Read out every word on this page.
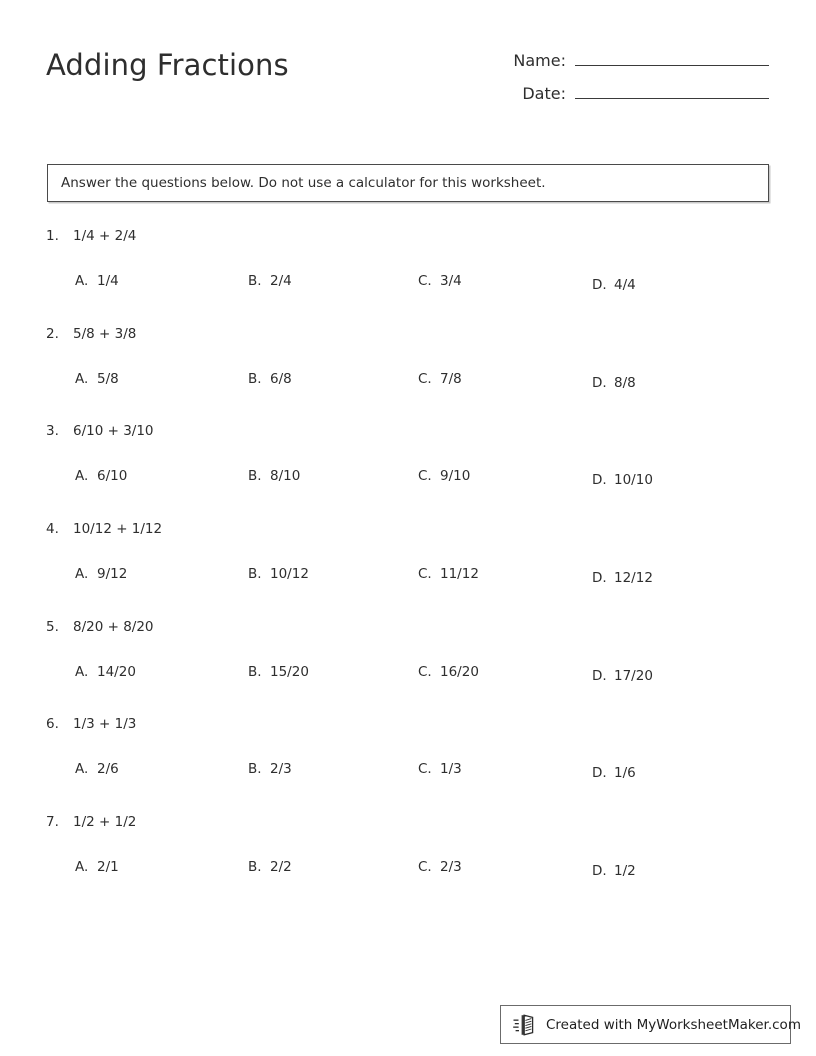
Adding Fractions	Name:
Date:
Answer the questions below. Do not use a calculator for this worksheet.
1.	1/4 + 2/4
A. 1/4	B. 2/4	C. 3/4	D. 4/4
2.	5/8 + 3/8
A. 5/8	B. 6/8	C. 7/8	D. 8/8
3.	6/10 + 3/10
A. 6/10	B. 8/10	C. 9/10	D. 10/10
4.	10/12 + 1/12
A. 9/12	B. 10/12	C. 11/12	D. 12/12
5.	8/20 + 8/20
A. 14/20	B. 15/20	C. 16/20	D. 17/20
6.	1/3 + 1/3
A. 2/6	B. 2/3	C. 1/3	D. 1/6
7.	1/2 + 1/2
A. 2/1	B. 2/2	C. 2/3	D. 1/2
Created with MyWorksheetMaker.com
